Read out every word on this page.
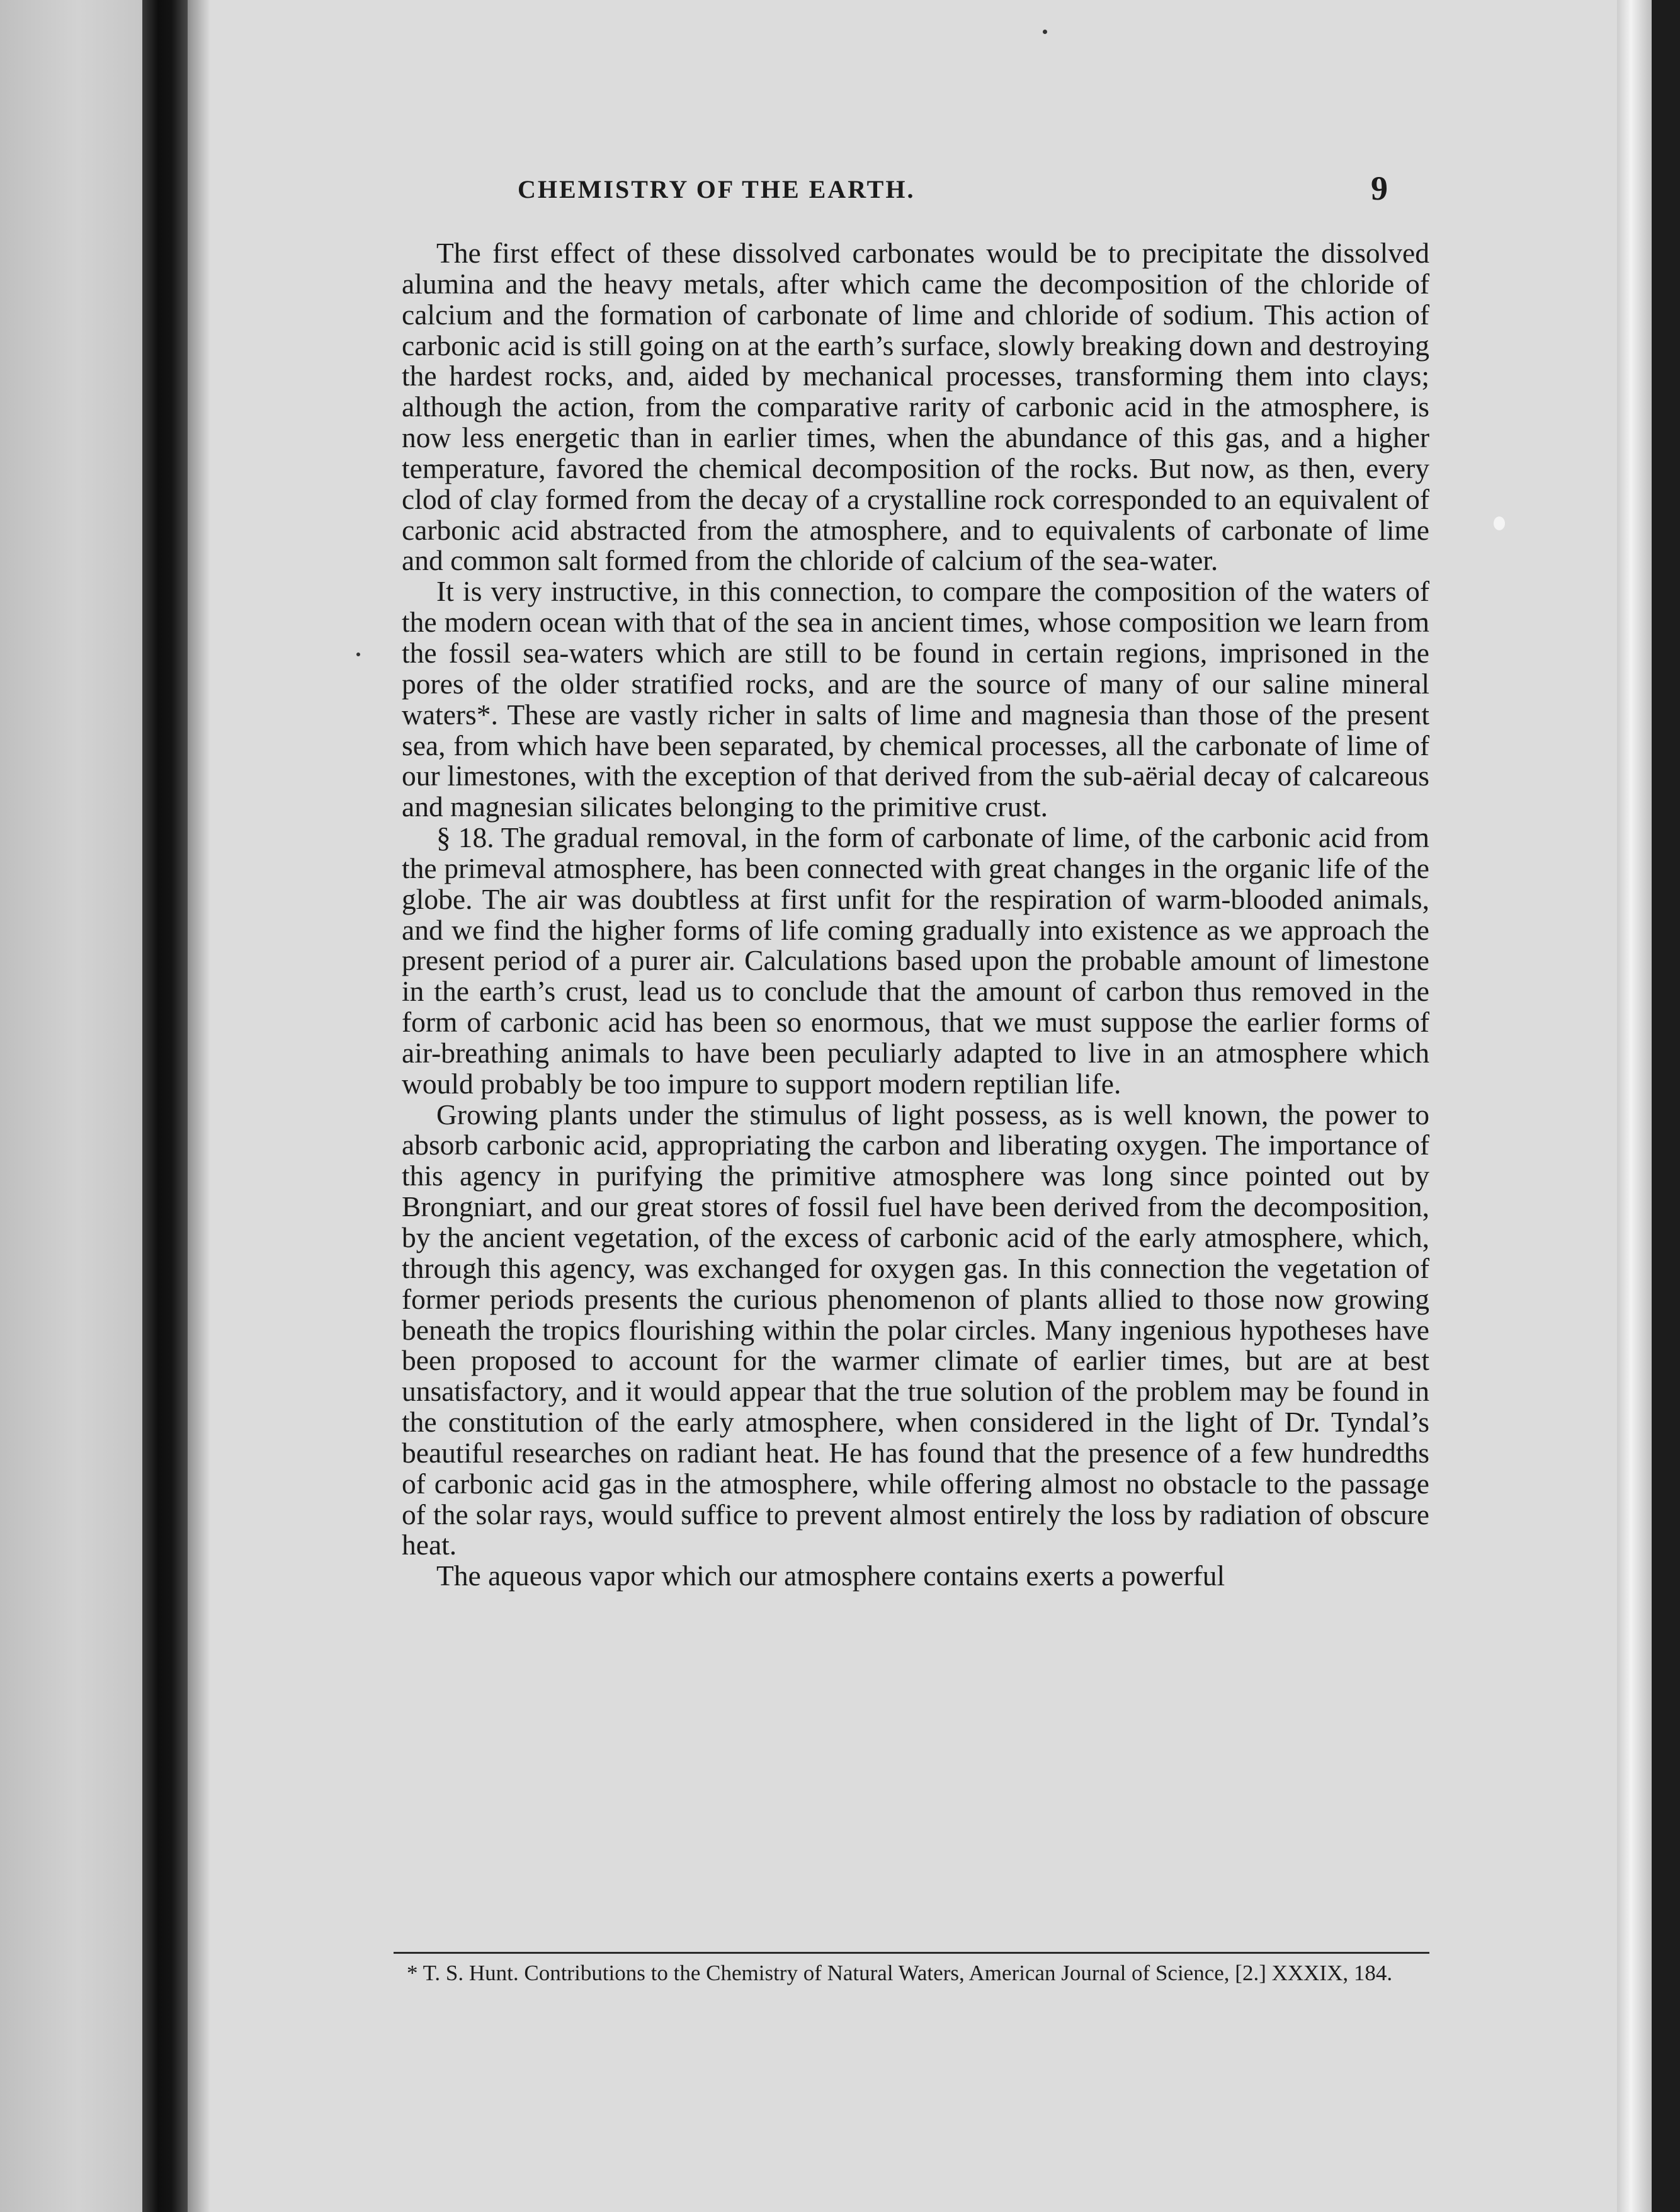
CHEMISTRY OF THE EARTH.	9

The first effect of these dissolved carbonates would be to precipitate the dissolved alumina and the heavy metals, after which came the decomposition of the chloride of calcium and the formation of carbonate of lime and chloride of sodium. This action of carbonic acid is still going on at the earth’s surface, slowly breaking down and destroying the hardest rocks, and, aided by mechanical processes, transforming them into clays; although the action, from the comparative rarity of carbonic acid in the atmosphere, is now less energetic than in earlier times, when the abundance of this gas, and a higher temperature, favored the chemical decomposition of the rocks. But now, as then, every clod of clay formed from the decay of a crystalline rock corresponded to an equivalent of carbonic acid abstracted from the atmosphere, and to equivalents of carbonate of lime and common salt formed from the chloride of calcium of the sea-water.

It is very instructive, in this connection, to compare the composition of the waters of the modern ocean with that of the sea in ancient times, whose composition we learn from the fossil sea-waters which are still to be found in certain regions, imprisoned in the pores of the older stratified rocks, and are the source of many of our saline mineral waters*. These are vastly richer in salts of lime and magnesia than those of the present sea, from which have been separated, by chemical processes, all the carbonate of lime of our limestones, with the exception of that derived from the sub-aërial decay of calcareous and magnesian silicates belonging to the primitive crust.

§ 18. The gradual removal, in the form of carbonate of lime, of the carbonic acid from the primeval atmosphere, has been connected with great changes in the organic life of the globe. The air was doubtless at first unfit for the respiration of warm-blooded animals, and we find the higher forms of life coming gradually into existence as we approach the present period of a purer air. Calculations based upon the probable amount of limestone in the earth’s crust, lead us to conclude that the amount of carbon thus removed in the form of carbonic acid has been so enormous, that we must suppose the earlier forms of air-breathing animals to have been peculiarly adapted to live in an atmosphere which would probably be too impure to support modern reptilian life.

Growing plants under the stimulus of light possess, as is well known, the power to absorb carbonic acid, appropriating the carbon and liberating oxygen. The importance of this agency in purifying the primitive atmosphere was long since pointed out by Brongniart, and our great stores of fossil fuel have been derived from the decomposition, by the ancient vegetation, of the excess of carbonic acid of the early atmosphere, which, through this agency, was exchanged for oxygen gas. In this connection the vegetation of former periods presents the curious phenomenon of plants allied to those now growing beneath the tropics flourishing within the polar circles. Many ingenious hypotheses have been proposed to account for the warmer climate of earlier times, but are at best unsatisfactory, and it would appear that the true solution of the problem may be found in the constitution of the early atmosphere, when considered in the light of Dr. Tyndal’s beautiful researches on radiant heat. He has found that the presence of a few hundredths of carbonic acid gas in the atmosphere, while offering almost no obstacle to the passage of the solar rays, would suffice to prevent almost entirely the loss by radiation of obscure heat.

The aqueous vapor which our atmosphere contains exerts a powerful

* T. S. Hunt. Contributions to the Chemistry of Natural Waters, American Journal of Science, [2.] XXXIX, 184.
